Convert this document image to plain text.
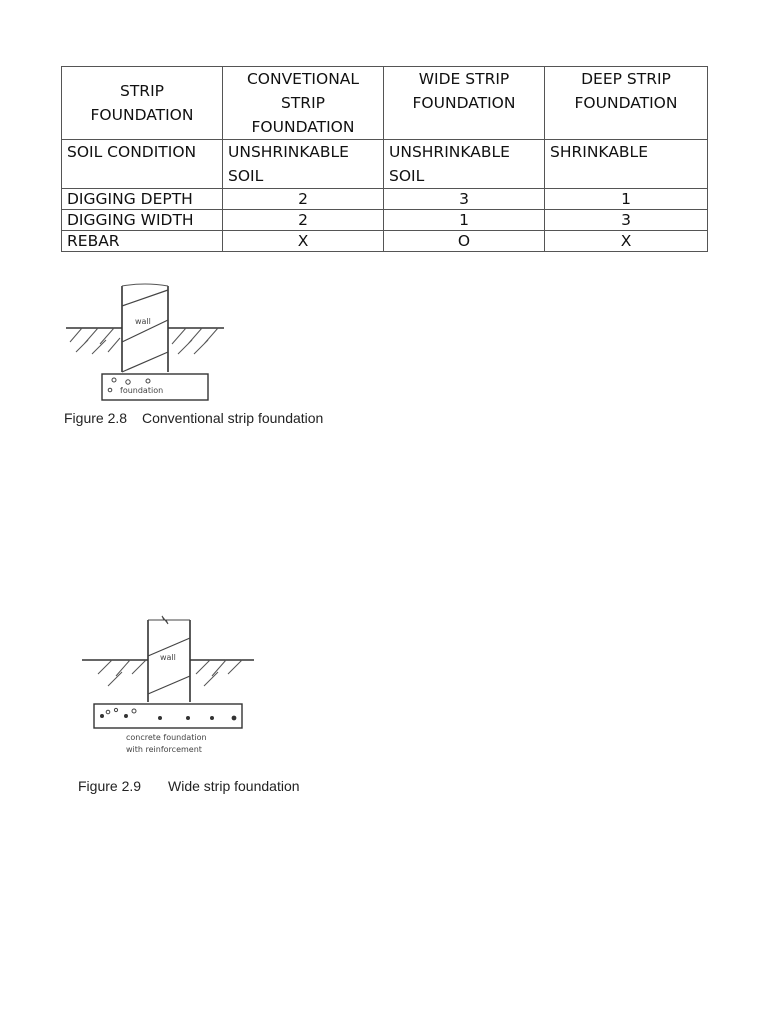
STRIP FOUNDATION	CONVETIONAL STRIP FOUNDATION	WIDE STRIP FOUNDATION	DEEP STRIP FOUNDATION
SOIL CONDITION	UNSHRINKABLE SOIL	UNSHRINKABLE SOIL	SHRINKABLE
DIGGING DEPTH	2	3	1
DIGGING WIDTH	2	1	3
REBAR	X	O	X
wall
foundation
Figure 2.8 Conventional strip foundation
wall
concrete foundation
with reinforcement
Figure 2.9 Wide strip foundation
